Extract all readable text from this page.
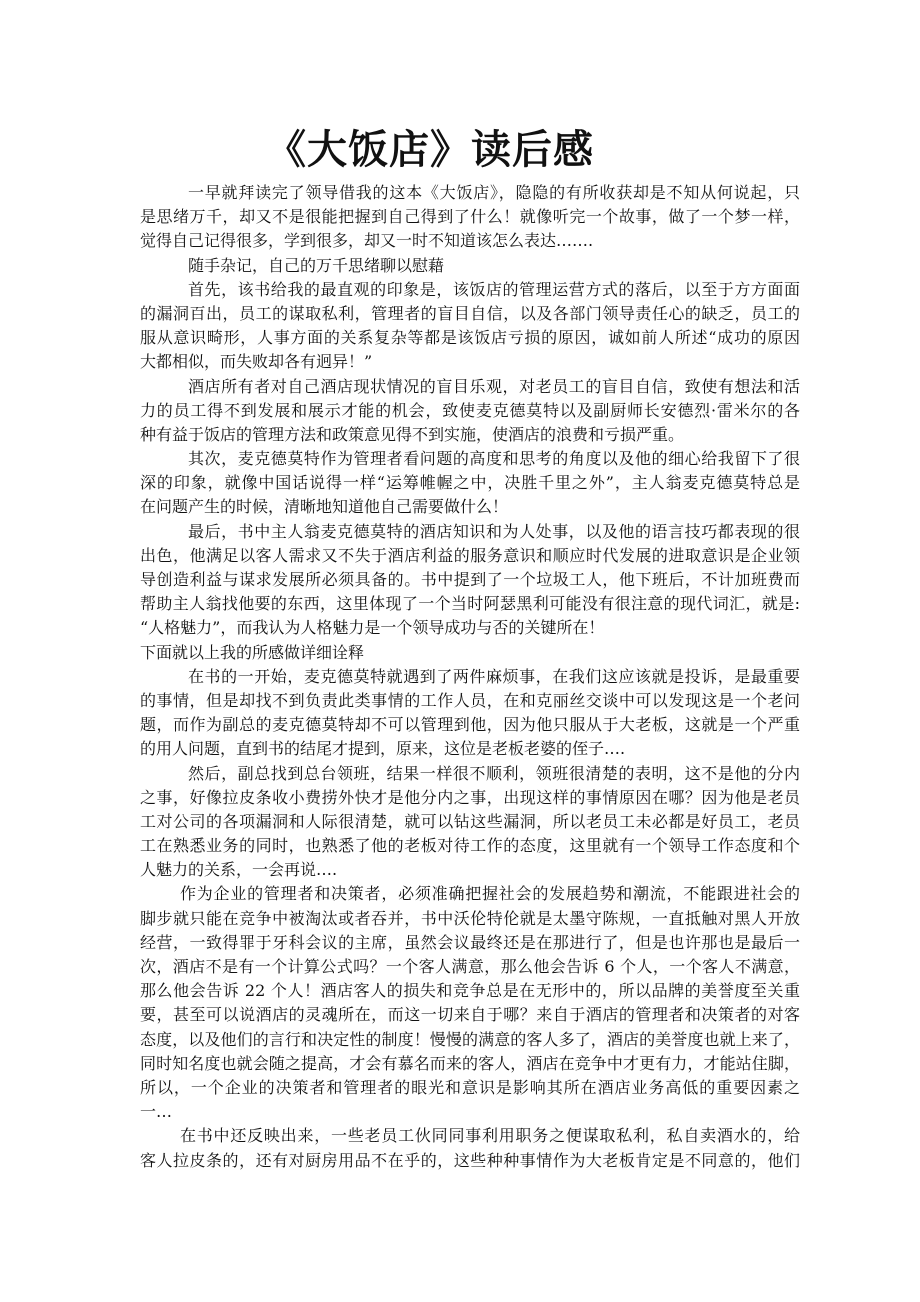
《大饭店》读后感
一早就拜读完了领导借我的这本《大饭店》，隐隐的有所收获却是不知从何说起，只
是思绪万千，却又不是很能把握到自己得到了什么！就像听完一个故事，做了一个梦一样，
觉得自己记得很多，学到很多，却又一时不知道该怎么表达…….
随手杂记，自己的万千思绪聊以慰藉
首先，该书给我的最直观的印象是，该饭店的管理运营方式的落后，以至于方方面面
的漏洞百出，员工的谋取私利，管理者的盲目自信，以及各部门领导责任心的缺乏，员工的
服从意识畸形，人事方面的关系复杂等都是该饭店亏损的原因，诚如前人所述“成功的原因
大都相似，而失败却各有迥异！”
酒店所有者对自己酒店现状情况的盲目乐观，对老员工的盲目自信，致使有想法和活
力的员工得不到发展和展示才能的机会，致使麦克德莫特以及副厨师长安德烈·雷米尔的各
种有益于饭店的管理方法和政策意见得不到实施，使酒店的浪费和亏损严重。
其次，麦克德莫特作为管理者看问题的高度和思考的角度以及他的细心给我留下了很
深的印象，就像中国话说得一样“运筹帷幄之中，决胜千里之外”，主人翁麦克德莫特总是
在问题产生的时候，清晰地知道他自己需要做什么！
最后，书中主人翁麦克德莫特的酒店知识和为人处事，以及他的语言技巧都表现的很
出色，他满足以客人需求又不失于酒店利益的服务意识和顺应时代发展的进取意识是企业领
导创造利益与谋求发展所必须具备的。书中提到了一个垃圾工人，他下班后，不计加班费而
帮助主人翁找他要的东西，这里体现了一个当时阿瑟黑利可能没有很注意的现代词汇，就是:
“人格魅力”，而我认为人格魅力是一个领导成功与否的关键所在！
下面就以上我的所感做详细诠释
在书的一开始，麦克德莫特就遇到了两件麻烦事，在我们这应该就是投诉，是最重要
的事情，但是却找不到负责此类事情的工作人员，在和克丽丝交谈中可以发现这是一个老问
题，而作为副总的麦克德莫特却不可以管理到他，因为他只服从于大老板，这就是一个严重
的用人问题，直到书的结尾才提到，原来，这位是老板老婆的侄子….
然后，副总找到总台领班，结果一样很不顺利，领班很清楚的表明，这不是他的分内
之事，好像拉皮条收小费捞外快才是他分内之事，出现这样的事情原因在哪？因为他是老员
工对公司的各项漏洞和人际很清楚，就可以钻这些漏洞，所以老员工未必都是好员工，老员
工在熟悉业务的同时，也熟悉了他的老板对待工作的态度，这里就有一个领导工作态度和个
人魅力的关系，一会再说….
作为企业的管理者和决策者，必须准确把握社会的发展趋势和潮流，不能跟进社会的
脚步就只能在竞争中被淘汰或者吞并，书中沃伦特伦就是太墨守陈规，一直抵触对黑人开放
经营，一致得罪于牙科会议的主席，虽然会议最终还是在那进行了，但是也许那也是最后一
次，酒店不是有一个计算公式吗？一个客人满意，那么他会告诉 6 个人，一个客人不满意，
那么他会告诉 22 个人！酒店客人的损失和竞争总是在无形中的，所以品牌的美誉度至关重
要，甚至可以说酒店的灵魂所在，而这一切来自于哪？来自于酒店的管理者和决策者的对客
态度，以及他们的言行和决定性的制度！慢慢的满意的客人多了，酒店的美誉度也就上来了，
同时知名度也就会随之提高，才会有慕名而来的客人，酒店在竞争中才更有力，才能站住脚，
所以，一个企业的决策者和管理者的眼光和意识是影响其所在酒店业务高低的重要因素之
一…
在书中还反映出来，一些老员工伙同同事利用职务之便谋取私利，私自卖酒水的，给
客人拉皮条的，还有对厨房用品不在乎的，这些种种事情作为大老板肯定是不同意的，他们
